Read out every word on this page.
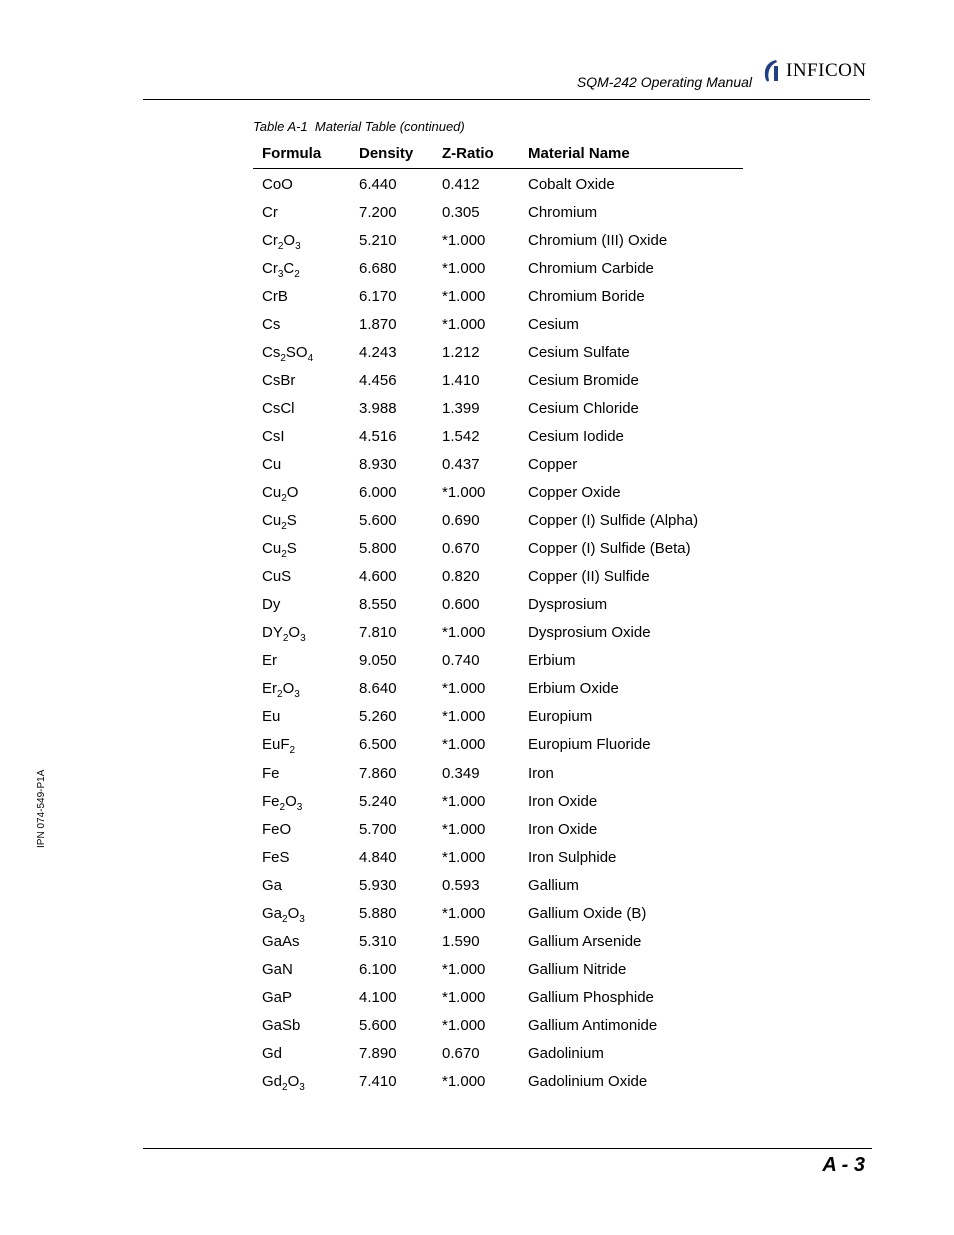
SQM-242 Operating Manual
INFICON
Table A-1  Material Table (continued)
Formula	Density	Z-Ratio	Material Name
CoO	6.440	0.412	Cobalt Oxide
Cr	7.200	0.305	Chromium
$Cr_2O_3$	5.210	*1.000	Chromium (III) Oxide
$Cr_3C_2$	6.680	*1.000	Chromium Carbide
CrB	6.170	*1.000	Chromium Boride
Cs	1.870	*1.000	Cesium
$Cs_2SO_4$	4.243	1.212	Cesium Sulfate
CsBr	4.456	1.410	Cesium Bromide
CsCl	3.988	1.399	Cesium Chloride
CsI	4.516	1.542	Cesium Iodide
Cu	8.930	0.437	Copper
$Cu_2O$	6.000	*1.000	Copper Oxide
$Cu_2S$	5.600	0.690	Copper (I) Sulfide (Alpha)
$Cu_2S$	5.800	0.670	Copper (I) Sulfide (Beta)
CuS	4.600	0.820	Copper (II) Sulfide
Dy	8.550	0.600	Dysprosium
$DY_2O_3$	7.810	*1.000	Dysprosium Oxide
Er	9.050	0.740	Erbium
$Er_2O_3$	8.640	*1.000	Erbium Oxide
Eu	5.260	*1.000	Europium
EuF$_2$	6.500	*1.000	Europium Fluoride
Fe	7.860	0.349	Iron
$Fe_2O_3$	5.240	*1.000	Iron Oxide
FeO	5.700	*1.000	Iron Oxide
FeS	4.840	*1.000	Iron Sulphide
Ga	5.930	0.593	Gallium
$Ga_2O_3$	5.880	*1.000	Gallium Oxide (B)
GaAs	5.310	1.590	Gallium Arsenide
GaN	6.100	*1.000	Gallium Nitride
GaP	4.100	*1.000	Gallium Phosphide
GaSb	5.600	*1.000	Gallium Antimonide
Gd	7.890	0.670	Gadolinium
$Gd_2O_3$	7.410	*1.000	Gadolinium Oxide
IPN 074-549-P1A
A - 3
